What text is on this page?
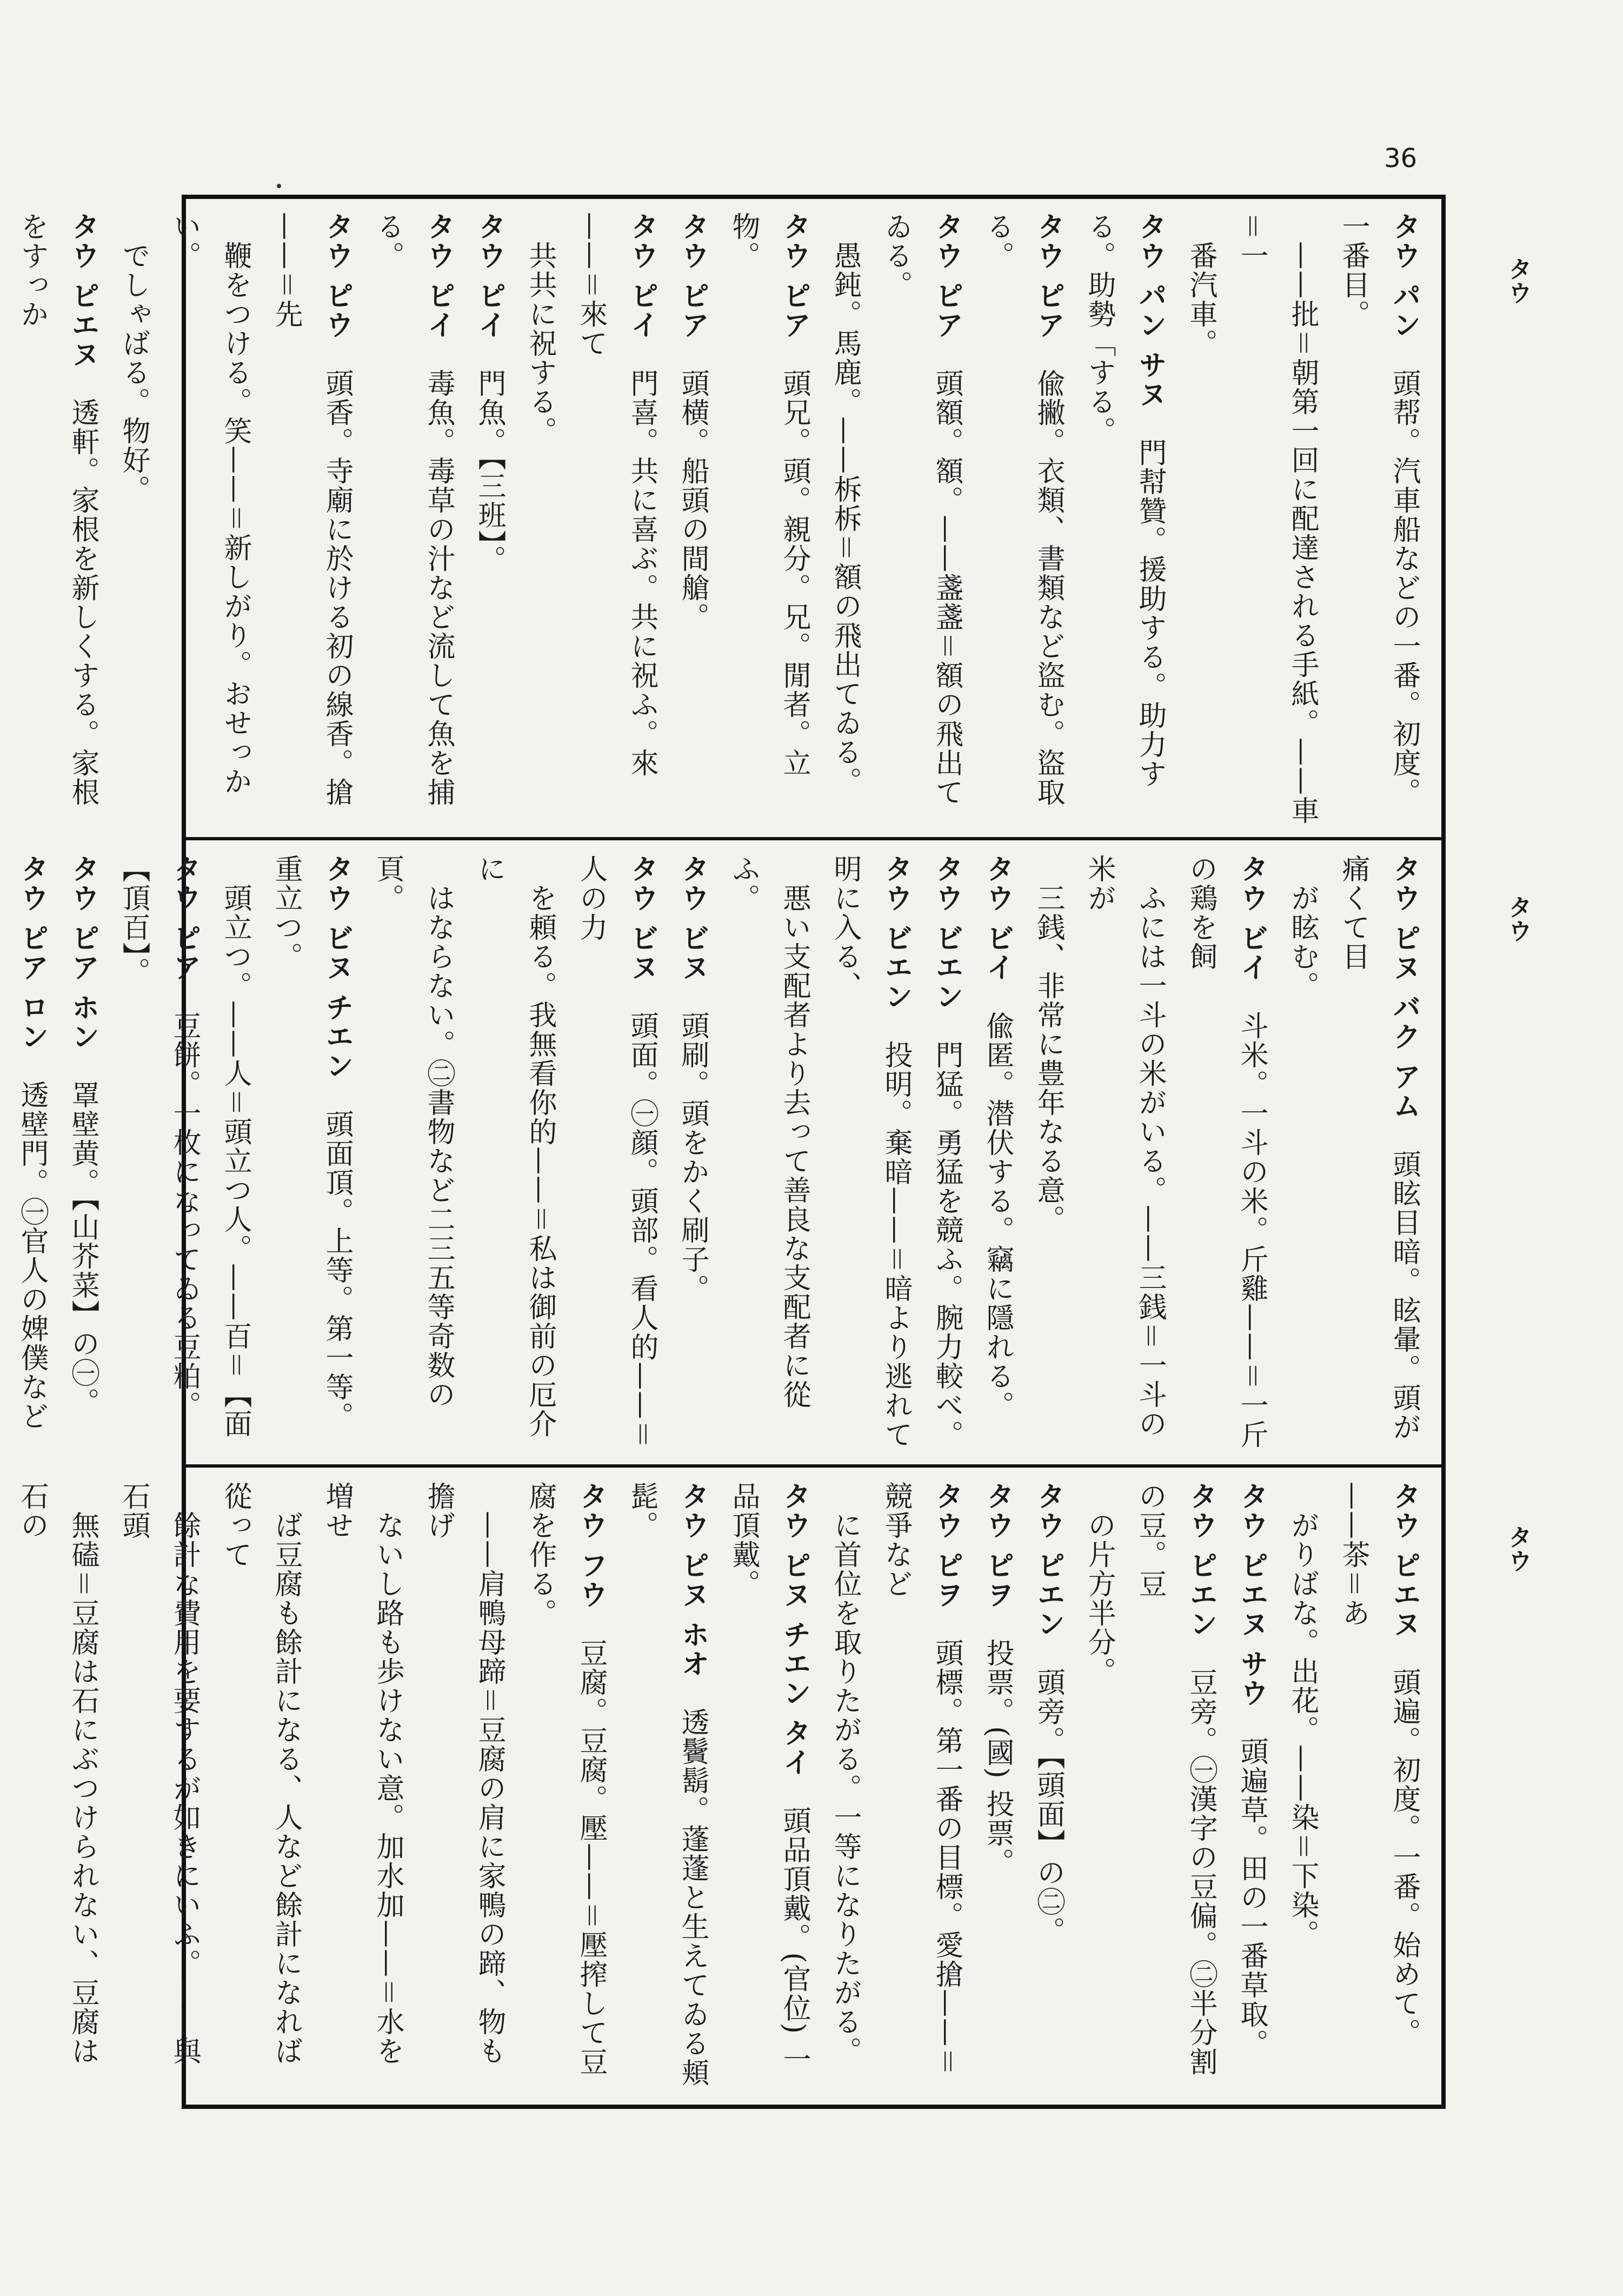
36
タウ
タウ
タウ
タウ パン　頭帮。汽車船などの一番。初度。一番目。
　——批＝朝第一回に配達される手紙。——車＝一
　番汽車。
タウ パン サヌ　門幇贊。援助する。助力する。助勢「する。
タウ ピア　偸撇。衣類、書類など盜む。盜取る。
タウ ピア　頭額。額。——盞盞＝額の飛出てゐる。
　愚鈍。馬鹿。——柝柝＝額の飛出てゐる。
タウ ピア　頭兄。頭。親分。兄。閒者。立物。
タウ ピア　頭横。船頭の間艙。
タウ ピイ　門喜。共に喜ぶ。共に祝ふ。來——＝來て
　共共に祝する。
タウ ピイ　門魚。【三班】。
タウ ピイ　毒魚。毒草の汁など流して魚を捕る。
タウ ピウ　頭香。寺廟に於ける初の線香。搶——＝先
　鞭をつける。笑——＝新しがり。おせっかい。
　でしゃばる。物好。
タウ ピエヌ　透軒。家根を新しくする。家根をすっか

タウ ピヌ バク アム　頭眩目暗。眩暈。頭が痛くて目
　が眩む。
タウ ビイ　斗米。一斗の米。斤雞——＝一斤の鶏を飼
　ふには一斗の米がいる。——三銭＝一斗の米が
　三銭、非常に豊年なる意。
タウ ビイ　偸匿。潜伏する。竊に隱れる。
タウ ビエン　門猛。勇猛を競ふ。腕力較べ。
タウ ビエン　投明。棄暗——＝暗より逃れて明に入る、
　悪い支配者より去って善良な支配者に從ふ。
タウ ビヌ　頭刷。頭をかく刷子。
タウ ビヌ　頭面。㊀顔。頭部。看人的——＝人の力
　を頼る。我無看你的——＝私は御前の厄介に
　はならない。㊁書物など二三五等奇数の頁。
タウ ビヌ チエン　頭面頂。上等。第一等。重立つ。
　頭立つ。——人＝頭立つ人。——百＝【面
タウ ピア　豆餅。一枚になってゐる豆粕。【頂百】。
タウ ピア ホン　罩壁黄。【山芥菜】の㊀。
タウ ピア ロン　透壁門。㊀官人の婢僕など

タウ ピエヌ　頭遍。初度。一番。始めて。——茶＝あ
　がりばな。出花。——染＝下染。
タウ ピエヌ サウ　頭遍草。田の一番草取。
タウ ピエン　豆旁。㊀漢字の豆偏。㊁半分割の豆。豆
　の片方半分。
タウ ピエン　頭旁。【頭面】の㊁。
タウ ピヲ　投票。(國) 投票。
タウ ピヲ　頭標。第一番の目標。愛搶——＝競爭など
　に首位を取りたがる。一等になりたがる。
タウ ピヌ チエン タイ　頭品頂戴。(官位) 一品頂戴。
タウ ピヌ ホオ　透鬢鬍。蓬蓬と生えてゐる頬髭。
タウ フウ　豆腐。豆腐。壓——＝壓搾して豆腐を作る。
　——肩鴨母蹄＝豆腐の肩に家鴨の蹄、物も擔げ
　ないし路も歩けない意。加水加——＝水を増せ
　ば豆腐も餘計になる、人など餘計になれば從って
　餘計な費用を要するが如きにいふ。——與石頭
　無磕＝豆腐は石にぶつけられない、豆腐は石の
